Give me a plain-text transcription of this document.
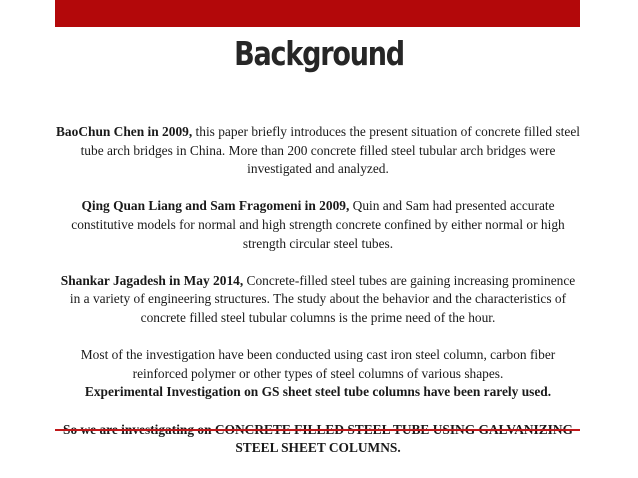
Background

BaoChun Chen in 2009, this paper briefly introduces the present situation of concrete filled steel tube arch bridges in China. More than 200 concrete filled steel tubular arch bridges were investigated and analyzed.

Qing Quan Liang and Sam Fragomeni in 2009, Quin and Sam had presented accurate constitutive models for normal and high strength concrete confined by either normal or high strength circular steel tubes.

Shankar Jagadesh in May 2014, Concrete-filled steel tubes are gaining increasing prominence in a variety of engineering structures. The study about the behavior and the characteristics of concrete filled steel tubular columns is the prime need of the hour.

Most of the investigation have been conducted using cast iron steel column, carbon fiber reinforced polymer or other types of steel columns of various shapes.
Experimental Investigation on GS sheet steel tube columns have been rarely used.

STEEL SHEET COLUMNS.
